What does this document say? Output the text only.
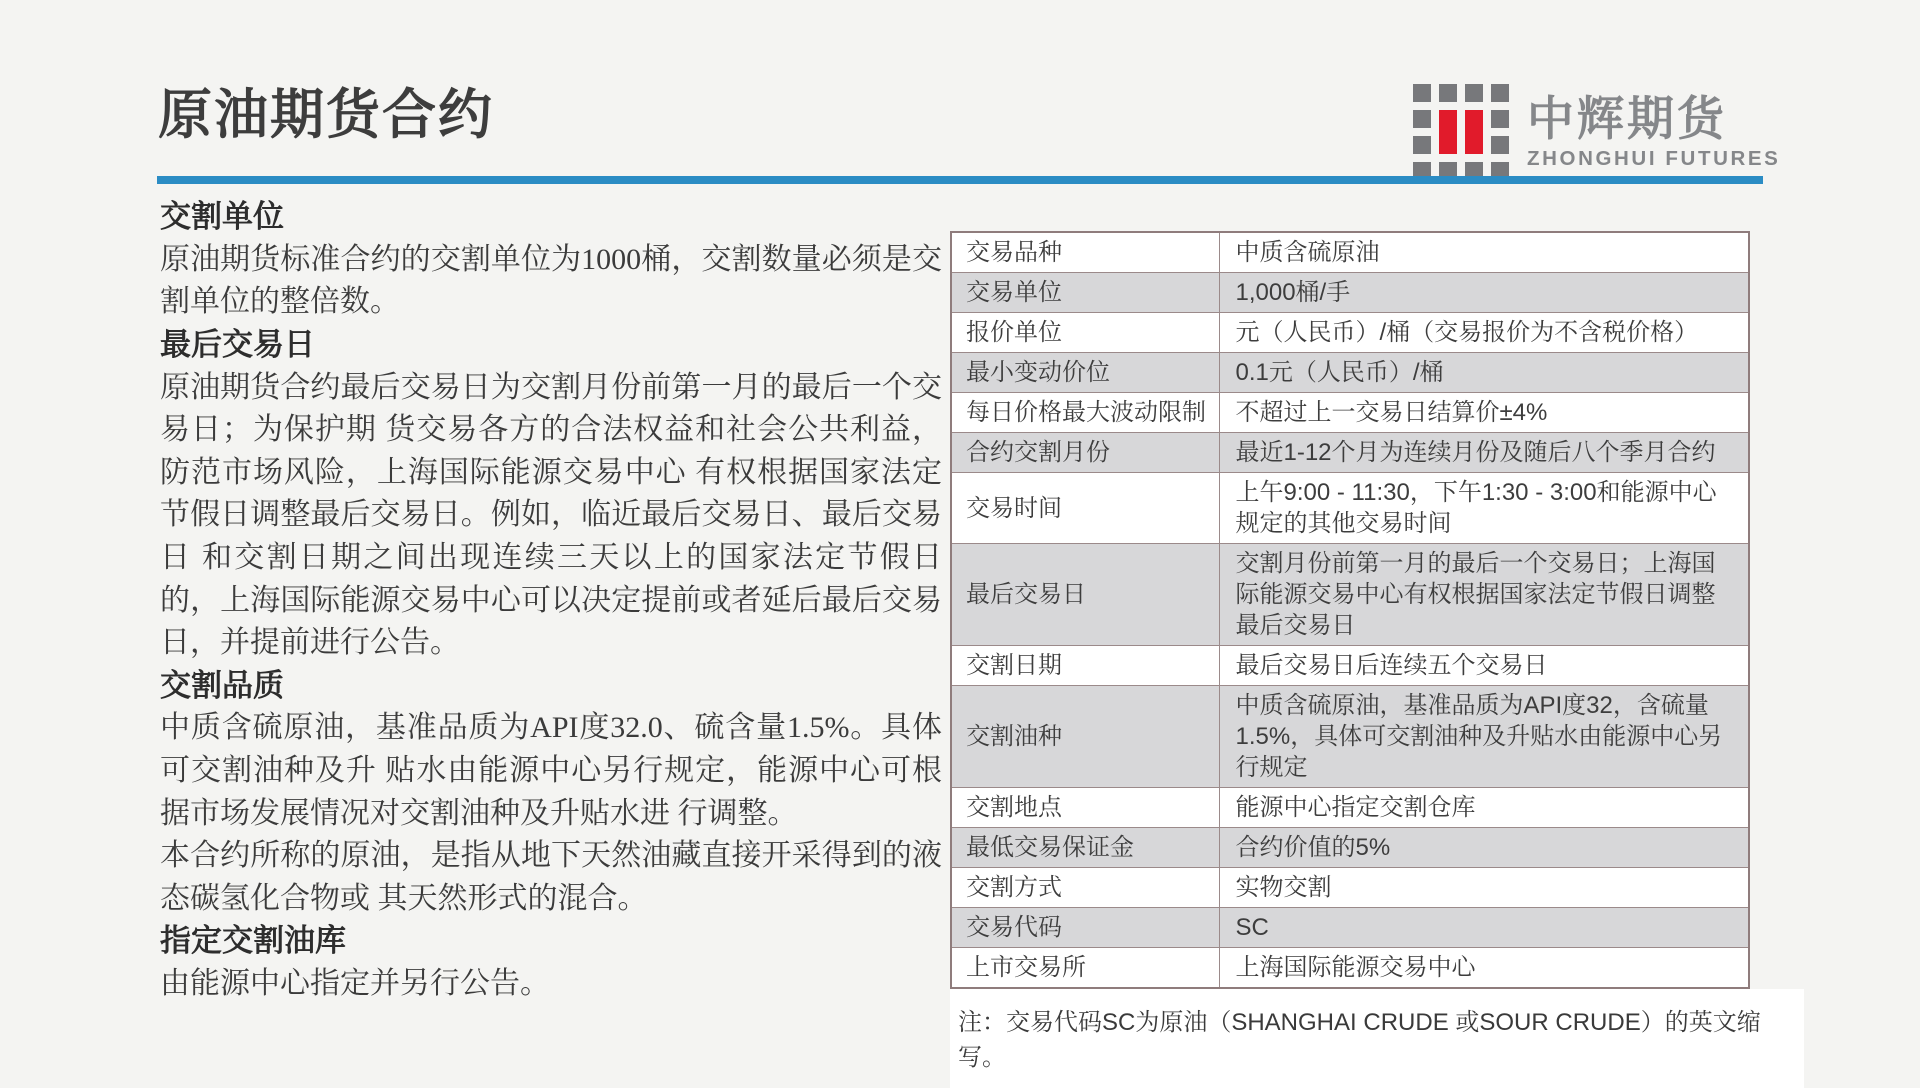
原油期货合约	中辉期货
ZHONGHUI FUTURES
交割单位

原油期货标准合约的交割单位为1000桶，交割数量必须是交割单位的整倍数。

最后交易日

原油期货合约最后交易日为交割月份前第一月的最后一个交易日；为保护期 货交易各方的合法权益和社会公共利益，防范市场风险，上海国际能源交易中心 有权根据国家法定节假日调整最后交易日。例如，临近最后交易日、最后交易日 和交割日期之间出现连续三天以上的国家法定节假日的，上海国际能源交易中心可以决定提前或者延后最后交易日，并提前进行公告。

交割品质

中质含硫原油，基准品质为API度32.0、硫含量1.5%。具体可交割油种及升 贴水由能源中心另行规定，能源中心可根据市场发展情况对交割油种及升贴水进 行调整。

本合约所称的原油，是指从地下天然油藏直接开采得到的液态碳氢化合物或 其天然形式的混合。

指定交割油库

由能源中心指定并另行公告。

交易品种	中质含硫原油
交易单位	1,000桶/手
报价单位	元（人民币）/桶（交易报价为不含税价格）
最小变动价位	0.1元（人民币）/桶
每日价格最大波动限制	不超过上一交易日结算价±4%
合约交割月份	最近1-12个月为连续月份及随后八个季月合约
交易时间	上午9:00 - 11:30，下午1:30 - 3:00和能源中心规定的其他交易时间
最后交易日	交割月份前第一月的最后一个交易日；上海国际能源交易中心有权根据国家法定节假日调整最后交易日
交割日期	最后交易日后连续五个交易日
交割油种	中质含硫原油，基准品质为API度32，含硫量1.5%，具体可交割油种及升贴水由能源中心另行规定
交割地点	能源中心指定交割仓库
最低交易保证金	合约价值的5%
交割方式	实物交割
交易代码	SC
上市交易所	上海国际能源交易中心
注：交易代码SC为原油（SHANGHAI CRUDE 或SOUR CRUDE）的英文缩写。
